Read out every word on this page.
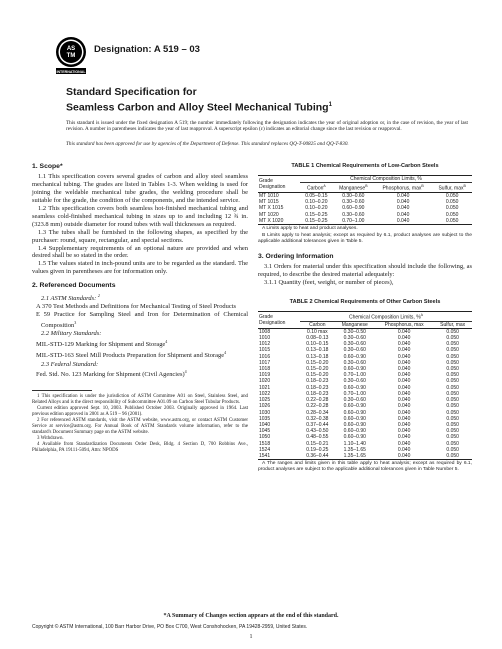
AS
TM
INTERNATIONAL
Designation: A 519 – 03
Standard Specification for
Seamless Carbon and Alloy Steel Mechanical Tubing$^1$
This standard is issued under the fixed designation A 519; the number immediately following the designation indicates the year of original adoption or, in the case of revision, the year of last revision. A number in parentheses indicates the year of last reapproval. A superscript epsilon (ε) indicates an editorial change since the last revision or reapproval.
This standard has been approved for use by agencies of the Department of Defense. This standard replaces QQ-T-00825 and QQ-T-830.
1. Scope*

1.1 This specification covers several grades of carbon and alloy steel seamless mechanical tubing. The grades are listed in Tables 1-3. When welding is used for joining the weldable mechanical tube grades, the welding procedure shall be suitable for the grade, the condition of the components, and the intended service.

1.2 This specification covers both seamless hot-finished mechanical tubing and seamless cold-finished mechanical tubing in sizes up to and including 12 ¾ in. (323.8 mm) outside diameter for round tubes with wall thicknesses as required.

1.3 The tubes shall be furnished in the following shapes, as specified by the purchaser: round, square, rectangular, and special sections.

1.4 Supplementary requirements of an optional nature are provided and when desired shall be so stated in the order.

1.5 The values stated in inch-pound units are to be regarded as the standard. The values given in parentheses are for information only.

2. Referenced Documents

2.1 ASTM Standards: $^2$

A 370 Test Methods and Definitions for Mechanical Testing of Steel Products

E 59 Practice for Sampling Steel and Iron for Determination of Chemical Composition$^3$

2.2 Military Standards:

MIL-STD-129 Marking for Shipment and Storage$^4$

MIL-STD-163 Steel Mill Products Preparation for Shipment and Storage$^4$

2.3 Federal Standard:

Fed. Std. No. 123 Marking for Shipment (Civil Agencies)$^4$

1 This specification is under the jurisdiction of ASTM Committee A01 on Steel, Stainless Steel, and Related Alloys and is the direct responsibility of Subcommittee A01.09 on Carbon Steel Tubular Products.

Current edition approved Sept. 10, 2003. Published October 2003. Originally approved in 1964. Last previous edition approved in 2001 as A 519 – 96 (2001).

2 For referenced ASTM standards, visit the ASTM website, www.astm.org, or contact ASTM Customer Service at service@astm.org. For Annual Book of ASTM Standards volume information, refer to the standard's Document Summary page on the ASTM website.

3 Withdrawn.

4 Available from Standardization Documents Order Desk, Bldg. 4 Section D, 700 Robbins Ave., Philadelphia, PA 19111-5094, Attn: NPODS

TABLE 1 Chemical Requirements of Low-Carbon Steels
Grade Designation	Chemical Composition Limits, %			
	Carbon$^A$	Manganese$^B$	Phosphorus, $\max^B$	Sulfur, $\max^B$
MT 1010	0.05–0.15	0.30–0.60	0.040	0.050
MT 1015	0.10–0.20	0.30–0.60	0.040	0.050
MT X 1015	0.10–0.20	0.60–0.90	0.040	0.050
MT 1020	0.15–0.25	0.30–0.60	0.040	0.050
MT X 1020	0.15–0.25	0.70–1.00	0.040	0.050

A Limits apply to heat and product analyses.

B Limits apply to heat analysis; except as required by 6.1, product analyses are subject to the applicable additional tolerances given in Table 5.

3. Ordering Information

3.1 Orders for material under this specification should include the following, as required, to describe the desired material adequately:

3.1.1 Quantity (feet, weight, or number of pieces),

TABLE 2 Chemical Requirements of Other Carbon Steels
Grade Designation	Chemical Composition Limits, %$^A$
	Carbon	Manganese	Phosphorus, max	Sulfur, max
1008	0.10 max	0.30–0.50	0.040	0.050
1010	0.08–0.13	0.30–0.60	0.040	0.050
1012	0.10–0.15	0.30–0.60	0.040	0.050
1015	0.13–0.18	0.30–0.60	0.040	0.050
1016	0.13–0.18	0.60–0.90	0.040	0.050
1017	0.15–0.20	0.30–0.60	0.040	0.050
1018	0.15–0.20	0.60–0.90	0.040	0.050
1019	0.15–0.20	0.70–1.00	0.040	0.050
1020	0.18–0.23	0.30–0.60	0.040	0.050
1021	0.18–0.23	0.60–0.90	0.040	0.050
1022	0.18–0.23	0.70–1.00	0.040	0.050
1025	0.22–0.28	0.30–0.60	0.040	0.050
1026	0.22–0.28	0.60–0.90	0.040	0.050
1030	0.28–0.34	0.60–0.90	0.040	0.050
1035	0.32–0.38	0.60–0.90	0.040	0.050
1040	0.37–0.44	0.60–0.90	0.040	0.050
1045	0.43–0.50	0.60–0.90	0.040	0.050
1050	0.48–0.55	0.60–0.90	0.040	0.050
1518	0.15–0.21	1.10–1.40	0.040	0.050
1524	0.19–0.25	1.35–1.65	0.040	0.050
1541	0.36–0.44	1.35–1.65	0.040	0.050

A The ranges and limits given in this table apply to heat analysis; except as required by 6.1, product analyses are subject to the applicable additional tolerances given in Table Number 5.

*A Summary of Changes section appears at the end of this standard.
Copyright © ASTM International, 100 Barr Harbor Drive, PO Box C700, West Conshohocken, PA 19428-2959, United States.
1
